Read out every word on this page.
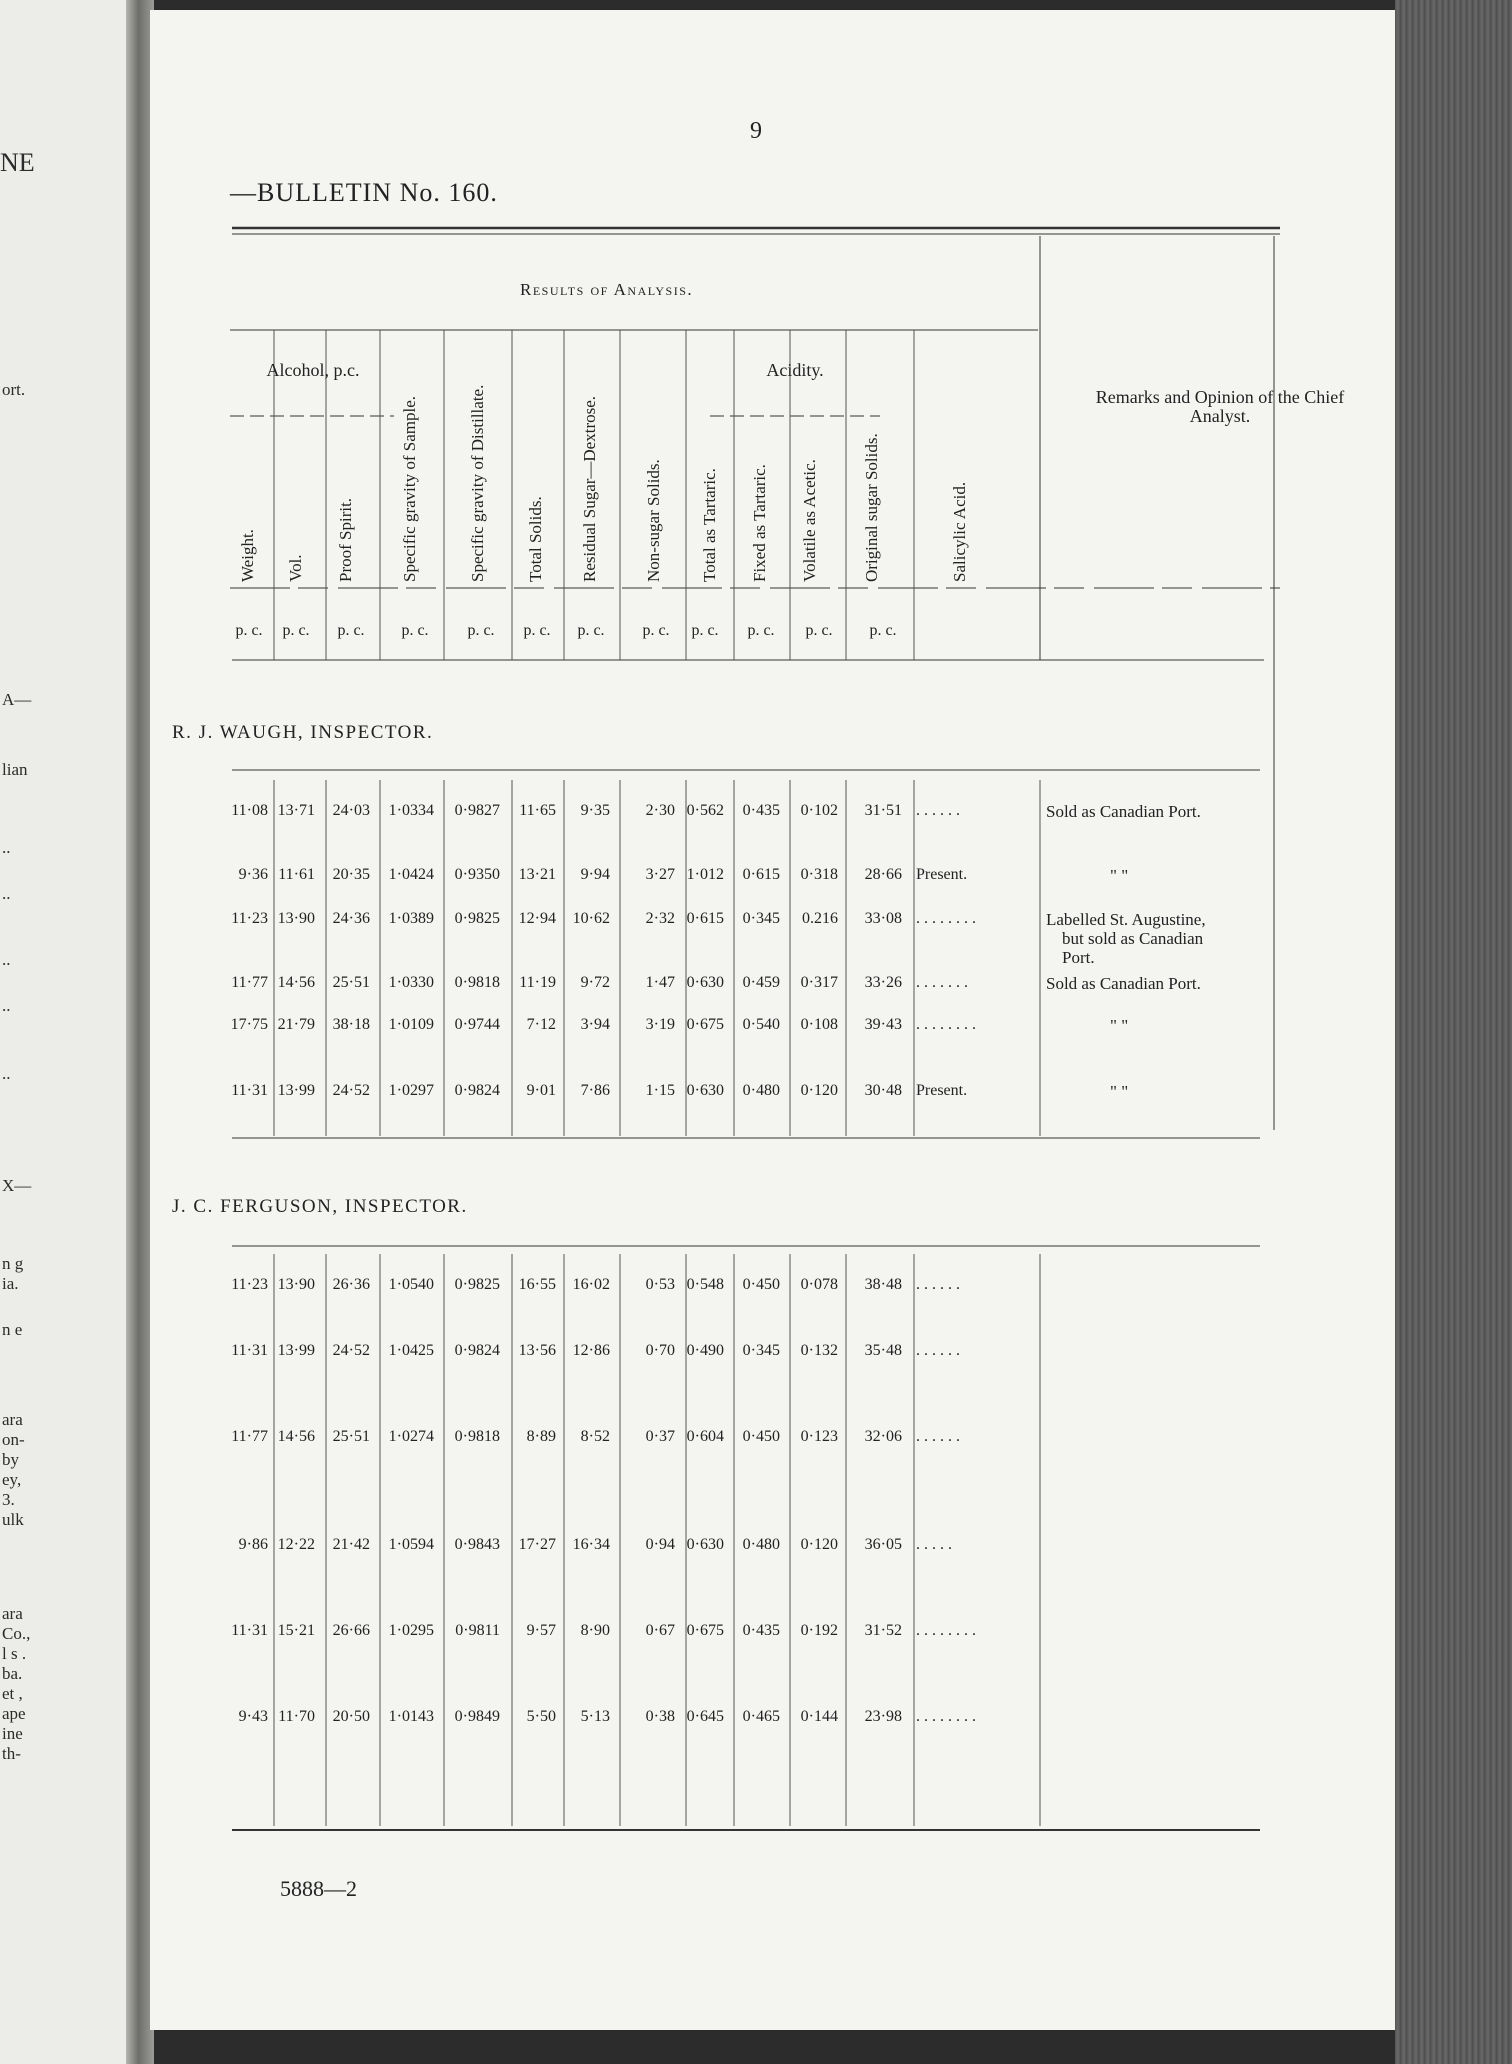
NE
ort.
A—
lian
..
..
..
..
..
X—
n g
ia.
n e
ara
on-
by
ey,
3.
ulk
ara
Co.,
l s .
ba.
et ,
ape
ine
th-
9
—BULLETIN No. 160.
Results of Analysis.
Alcohol, p.c.	Acidity.
Remarks and Opinion of the Chief Analyst.
Weight. Vol. Proof Spirit.	Specific gravity of Sample.	Specific gravity of Distillate. Total Solids. Residual Sugar—Dextrose.	Non-sugar Solids. Total as Tartaric. Fixed as Tartaric. Volatile as Acetic.	Original sugar Solids.	Salicylic Acid.
p. c.	p. c.	p. c.	p. c.	p. c.	p. c.	p. c.	p. c.	p. c.	p. c.	p. c.	p. c.
R. J. WAUGH, INSPECTOR.
11·08 13·71	24·03	1·0334	0·9827	11·65	9·35	2·30 0·562	0·435	0·102	31·51 . . . . . .	Sold as Canadian Port.
9·36 11·61	20·35	1·0424	0·9350	13·21	9·94	3·27 1·012	0·615	0·318	28·66 Present.	" "
11·23 13·90	24·36	1·0389	0·9825	12·94	10·62	2·32 0·615	0·345	0.216	33·08 . . . . . . . .	Labelled St. Augustine,
but sold as Canadian
Port.
11·77 14·56	25·51	1·0330	0·9818	11·19	9·72	1·47 0·630	0·459	0·317	33·26 . . . . . . .	Sold as Canadian Port.
17·75 21·79	38·18	1·0109	0·9744	7·12	3·94	3·19 0·675	0·540	0·108	39·43 . . . . . . . .	" "
11·31 13·99	24·52	1·0297	0·9824	9·01	7·86	1·15 0·630	0·480	0·120	30·48 Present.	" "
J. C. FERGUSON, INSPECTOR.
11·23 13·90	26·36	1·0540	0·9825	16·55	16·02	0·53 0·548	0·450	0·078	38·48 . . . . . .
11·31 13·99	24·52	1·0425	0·9824	13·56	12·86	0·70 0·490	0·345	0·132	35·48 . . . . . .
11·77 14·56	25·51	1·0274	0·9818	8·89	8·52	0·37 0·604	0·450	0·123	32·06 . . . . . .
9·86 12·22	21·42	1·0594	0·9843	17·27	16·34	0·94 0·630	0·480	0·120	36·05 . . . . .
11·31 15·21	26·66	1·0295	0·9811	9·57	8·90	0·67 0·675	0·435	0·192	31·52 . . . . . . . .
9·43 11·70	20·50	1·0143	0·9849	5·50	5·13	0·38 0·645	0·465	0·144	23·98 . . . . . . . .
5888—2
